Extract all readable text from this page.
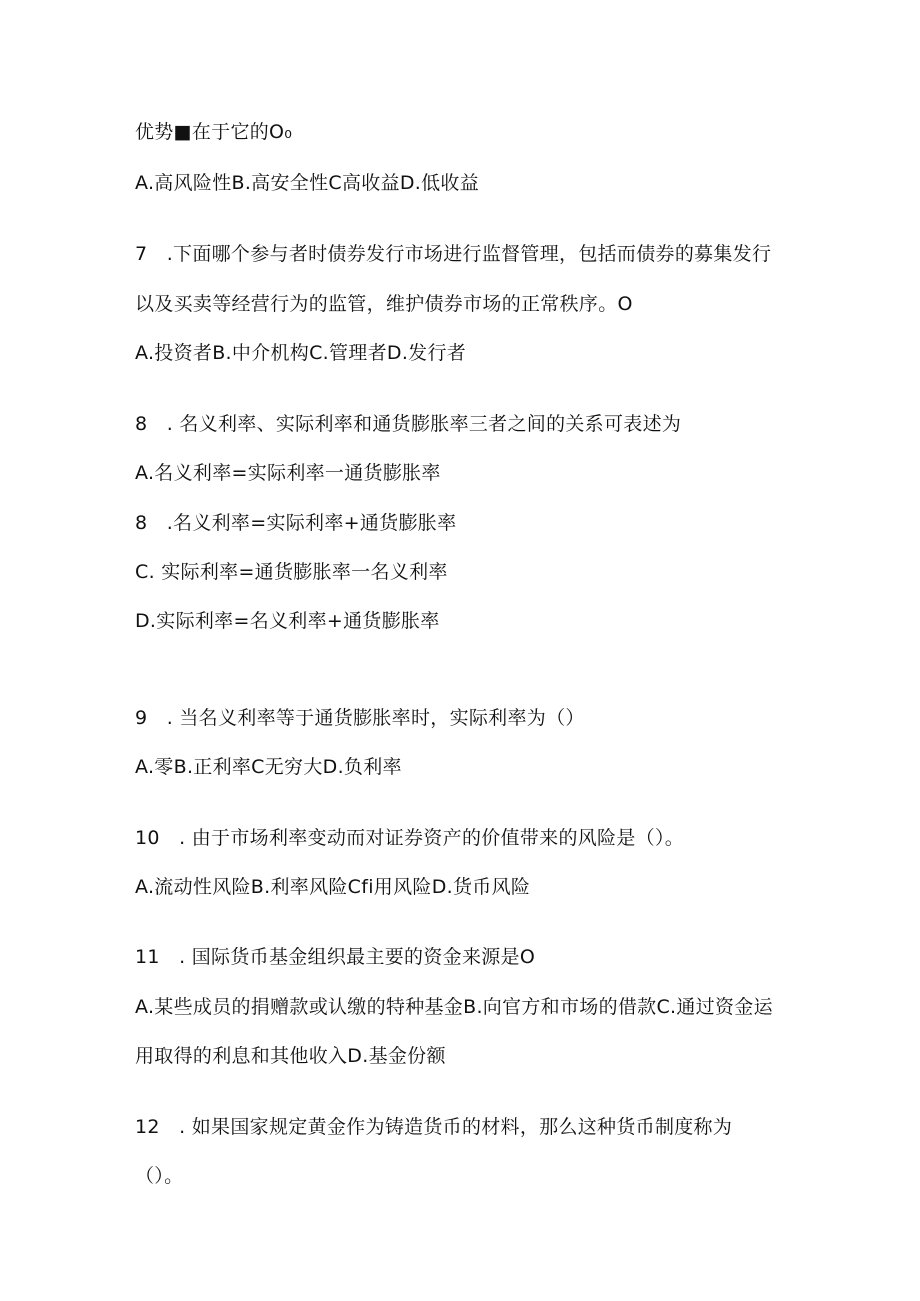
优势■在于它的O₀
A.高风险性B.高安全性C高收益D.低收益
7　.下面哪个参与者时债券发行市场进行监督管理，包括而债券的募集发行
以及买卖等经营行为的监管，维护债券市场的正常秩序。O
A.投资者B.中介机构C.管理者D.发行者
8　. 名义利率、实际利率和通货膨胀率三者之间的关系可表述为
A.名义利率=实际利率一通货膨胀率
8　.名义利率=实际利率+通货膨胀率
C. 实际利率=通货膨胀率一名义利率
D.实际利率=名义利率+通货膨胀率
9　. 当名义利率等于通货膨胀率时，实际利率为（）
A.零B.正利率C无穷大D.负利率
10　. 由于市场利率变动而对证券资产的价值带来的风险是（）。
A.流动性风险B.利率风险Cfi用风险D.货币风险
11　. 国际货币基金组织最主要的资金来源是O
A.某些成员的捐赠款或认缴的特种基金B.向官方和市场的借款C.通过资金运
用取得的利息和其他收入D.基金份额
12　. 如果国家规定黄金作为铸造货币的材料，那么这种货币制度称为
（）。
